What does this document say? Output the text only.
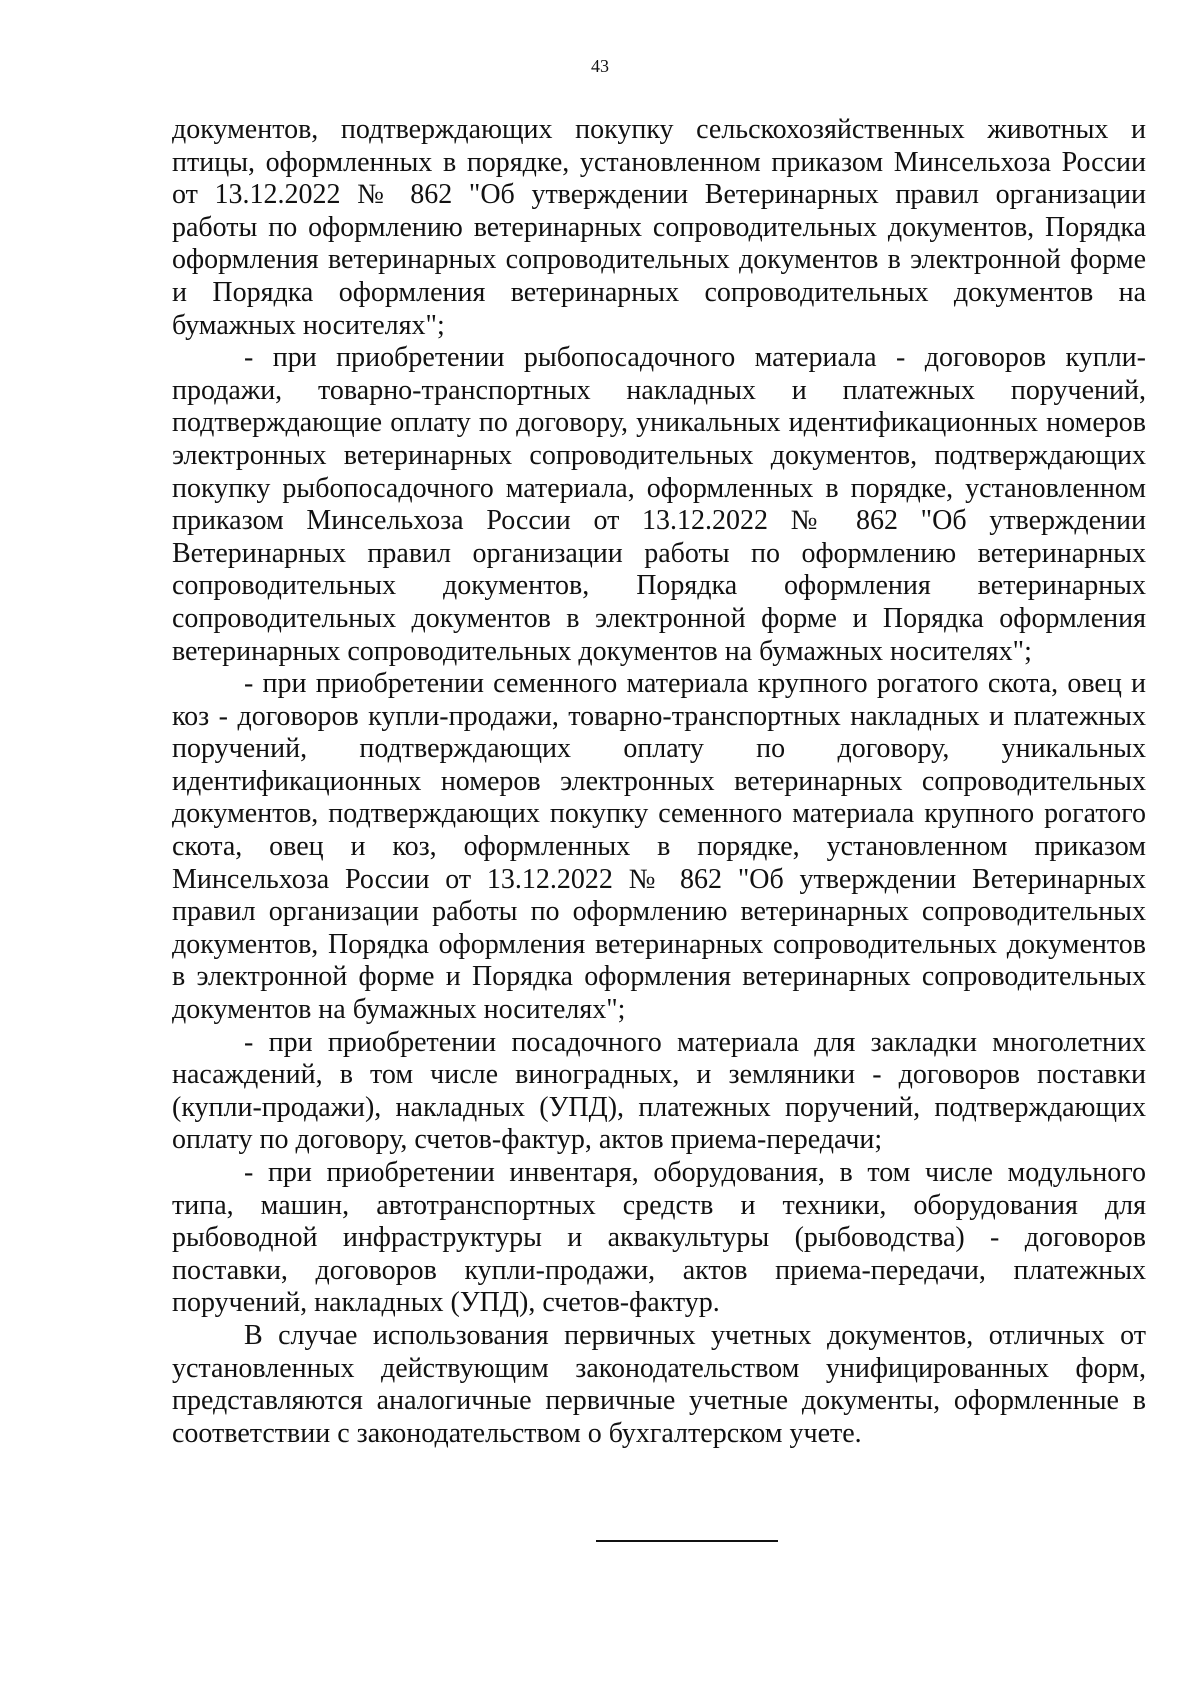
43

документов, подтверждающих покупку сельскохозяйственных животных и птицы, оформленных в порядке, установленном приказом Минсельхоза России от 13.12.2022 № 862 "Об утверждении Ветеринарных правил организации работы по оформлению ветеринарных сопроводительных документов, Порядка оформления ветеринарных сопроводительных документов в электронной форме и Порядка оформления ветеринарных сопроводительных документов на бумажных носителях";

- при приобретении рыбопосадочного материала - договоров купли-продажи, товарно-транспортных накладных и платежных поручений, подтверждающие оплату по договору, уникальных идентификационных номеров электронных ветеринарных сопроводительных документов, подтверждающих покупку рыбопосадочного материала, оформленных в порядке, установленном приказом Минсельхоза России от 13.12.2022 № 862 "Об утверждении Ветеринарных правил организации работы по оформлению ветеринарных сопроводительных документов, Порядка оформления ветеринарных сопроводительных документов в электронной форме и Порядка оформления ветеринарных сопроводительных документов на бумажных носителях";

- при приобретении семенного материала крупного рогатого скота, овец и коз - договоров купли-продажи, товарно-транспортных накладных и платежных поручений, подтверждающих оплату по договору, уникальных идентификационных номеров электронных ветеринарных сопроводительных документов, подтверждающих покупку семенного материала крупного рогатого скота, овец и коз, оформленных в порядке, установленном приказом Минсельхоза России от 13.12.2022 № 862 "Об утверждении Ветеринарных правил организации работы по оформлению ветеринарных сопроводительных документов, Порядка оформления ветеринарных сопроводительных документов в электронной форме и Порядка оформления ветеринарных сопроводительных документов на бумажных носителях";

- при приобретении посадочного материала для закладки многолетних насаждений, в том числе виноградных, и земляники - договоров поставки (купли-продажи), накладных (УПД), платежных поручений, подтверждающих оплату по договору, счетов-фактур, актов приема-передачи;

- при приобретении инвентаря, оборудования, в том числе модульного типа, машин, автотранспортных средств и техники, оборудования для рыбоводной инфраструктуры и аквакультуры (рыбоводства) - договоров поставки, договоров купли-продажи, актов приема-передачи, платежных поручений, накладных (УПД), счетов-фактур.

В случае использования первичных учетных документов, отличных от установленных действующим законодательством унифицированных форм, представляются аналогичные первичные учетные документы, оформленные в соответствии с законодательством о бухгалтерском учете.
